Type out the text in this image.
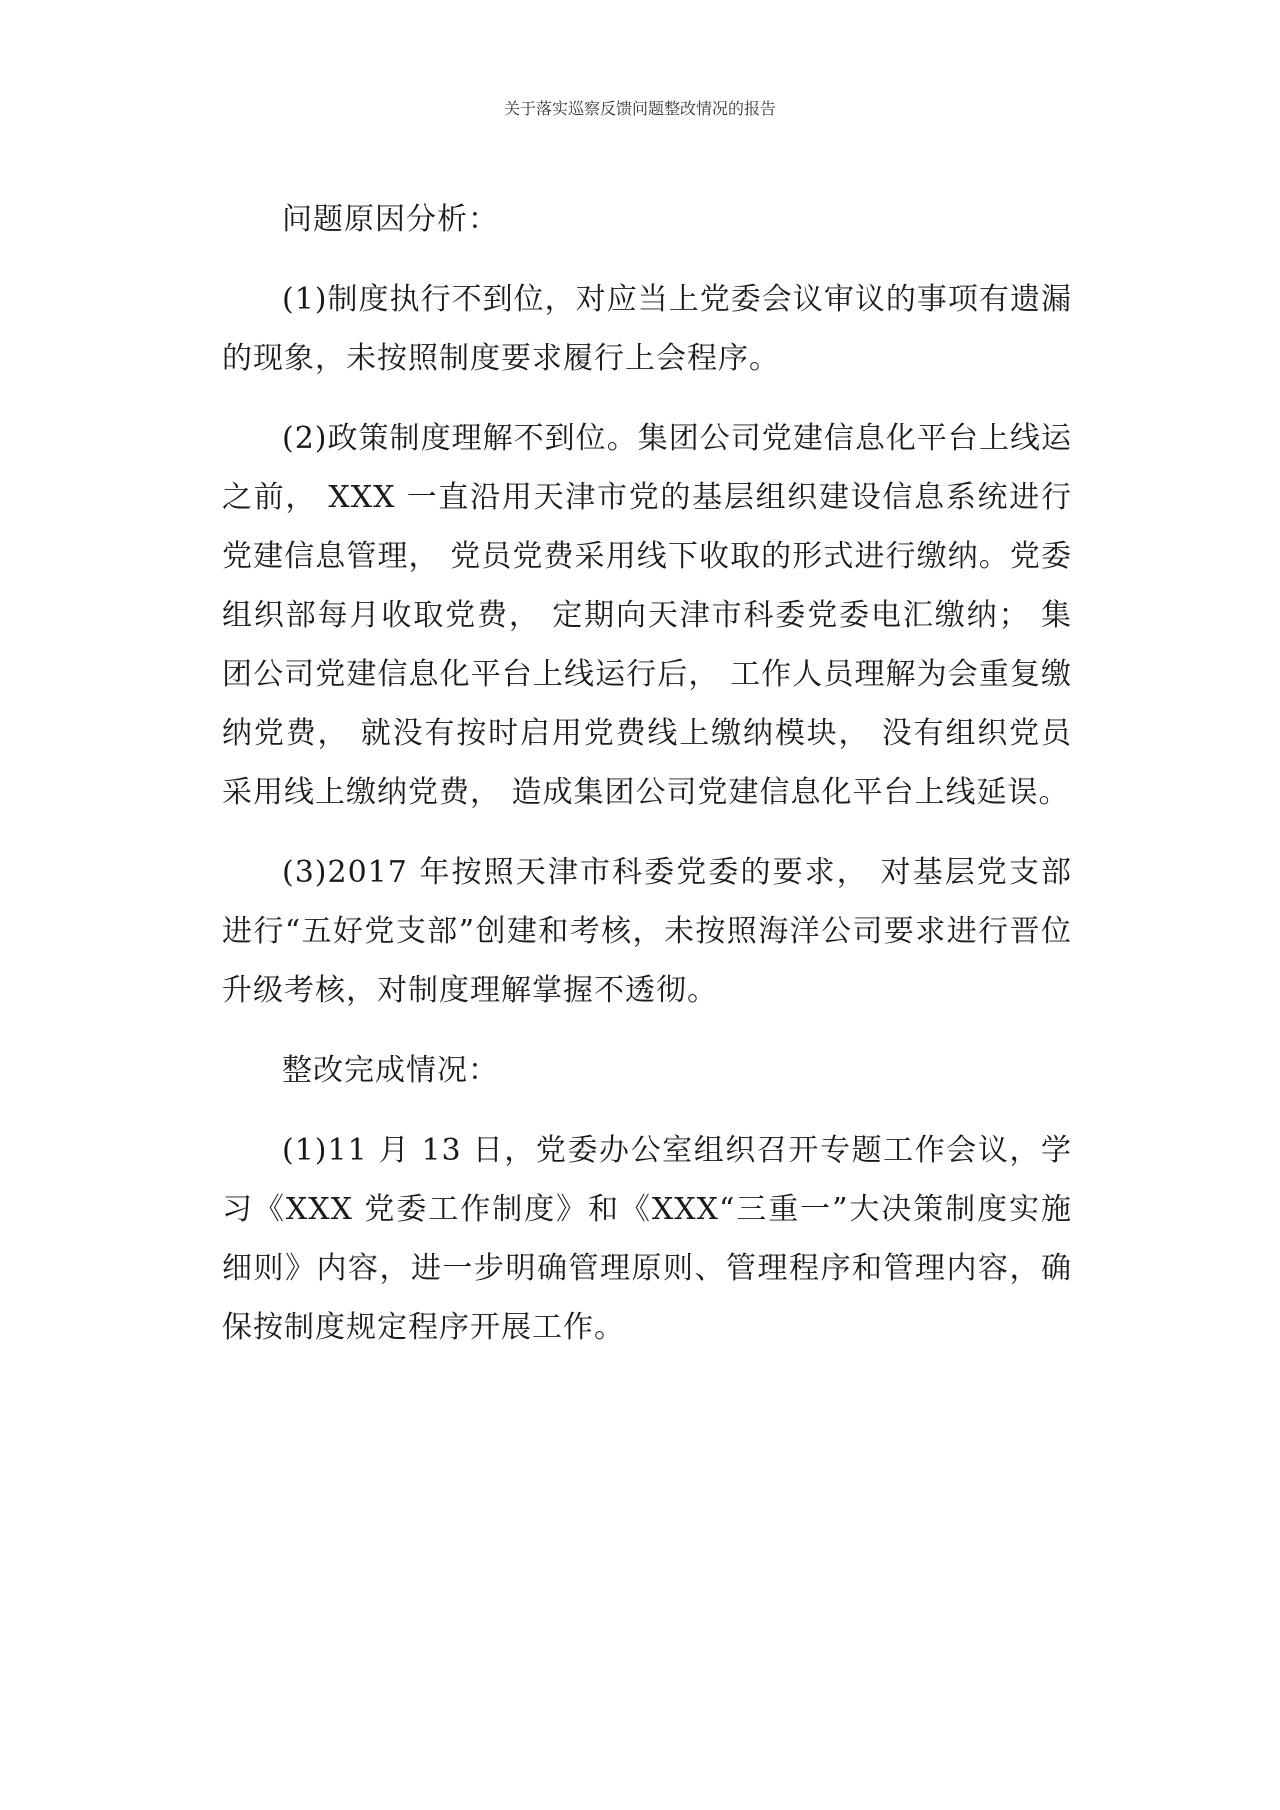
关于落实巡察反馈问题整改情况的报告

问题原因分析：

(1)制度执行不到位，对应当上党委会议审议的事项有遗漏的现象，未按照制度要求履行上会程序。

(2)政策制度理解不到位。集团公司党建信息化平台上线运之前， XXX 一直沿用天津市党的基层组织建设信息系统进行党建信息管理， 党员党费采用线下收取的形式进行缴纳。党委组织部每月收取党费， 定期向天津市科委党委电汇缴纳； 集团公司党建信息化平台上线运行后， 工作人员理解为会重复缴纳党费， 就没有按时启用党费线上缴纳模块， 没有组织党员采用线上缴纳党费， 造成集团公司党建信息化平台上线延误。

(3)2017 年按照天津市科委党委的要求， 对基层党支部进行“五好党支部”创建和考核，未按照海洋公司要求进行晋位升级考核，对制度理解掌握不透彻。

整改完成情况：

(1)11 月 13 日，党委办公室组织召开专题工作会议，学习《XXX 党委工作制度》和《XXX“三重一”大决策制度实施细则》内容，进一步明确管理原则、管理程序和管理内容，确保按制度规定程序开展工作。
